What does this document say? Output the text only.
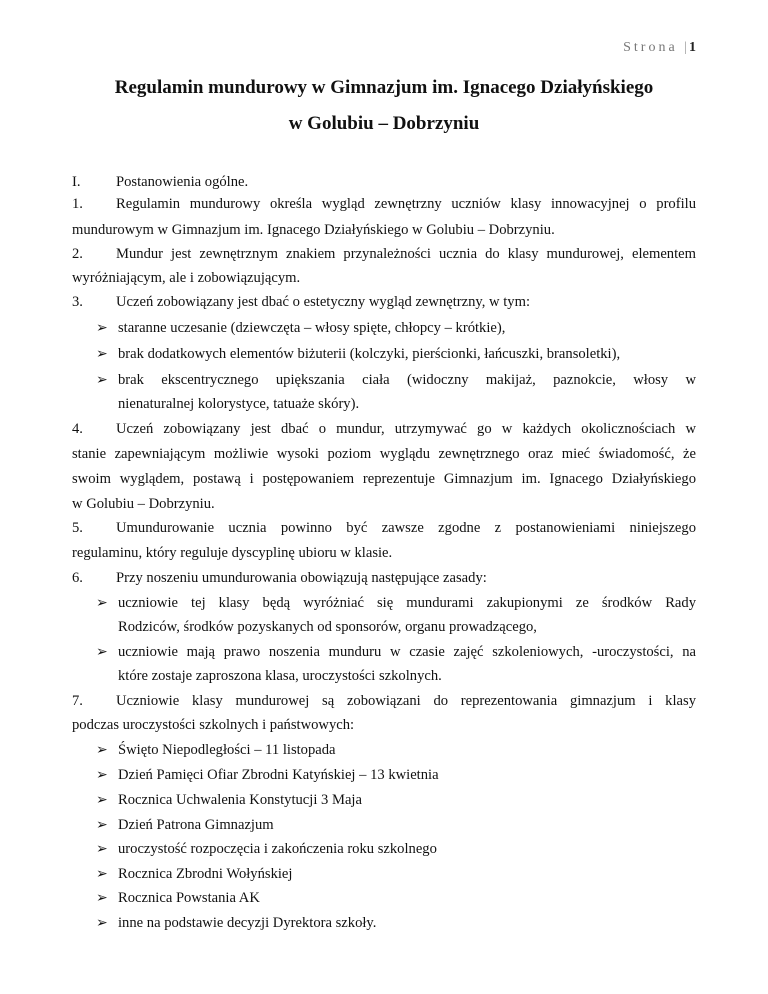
Strona | 1
Regulamin mundurowy w Gimnazjum im. Ignacego Działyńskiego
w Golubiu – Dobrzyniu
I. Postanowienia ogólne.
1. Regulamin mundurowy określa wygląd zewnętrzny uczniów klasy innowacyjnej o profilu
mundurowym w Gimnazjum im. Ignacego Działyńskiego w Golubiu – Dobrzyniu.
2. Mundur jest zewnętrznym znakiem przynależności ucznia do klasy mundurowej, elementem
wyróżniającym, ale i zobowiązującym.
3. Uczeń zobowiązany jest dbać o estetyczny wygląd zewnętrzny, w tym:
➢ staranne uczesanie (dziewczęta – włosy spięte, chłopcy – krótkie),
➢ brak dodatkowych elementów biżuterii (kolczyki, pierścionki, łańcuszki, bransoletki),
➢ brak ekscentrycznego upiększania ciała (widoczny makijaż, paznokcie, włosy w
nienaturalnej kolorystyce, tatuaże skóry).
4. Uczeń zobowiązany jest dbać o mundur, utrzymywać go w każdych okolicznościach w
stanie zapewniającym możliwie wysoki poziom wyglądu zewnętrznego oraz mieć świadomość, że
swoim wyglądem, postawą i postępowaniem reprezentuje Gimnazjum im. Ignacego Działyńskiego
w Golubiu – Dobrzyniu.
5. Umundurowanie ucznia powinno być zawsze zgodne z postanowieniami niniejszego
regulaminu, który reguluje dyscyplinę ubioru w klasie.
6. Przy noszeniu umundurowania obowiązują następujące zasady:
➢ uczniowie tej klasy będą wyróżniać się mundurami zakupionymi ze środków Rady
Rodziców, środków pozyskanych od sponsorów, organu prowadzącego,
➢ uczniowie mają prawo noszenia munduru w czasie zajęć szkoleniowych, -uroczystości, na
które zostaje zaproszona klasa, uroczystości szkolnych.
7. Uczniowie klasy mundurowej są zobowiązani do reprezentowania gimnazjum i klasy
podczas uroczystości szkolnych i państwowych:
➢ Święto Niepodległości – 11 listopada
➢ Dzień Pamięci Ofiar Zbrodni Katyńskiej – 13 kwietnia
➢ Rocznica Uchwalenia Konstytucji 3 Maja
➢ Dzień Patrona Gimnazjum
➢ uroczystość rozpoczęcia i zakończenia roku szkolnego
➢ Rocznica Zbrodni Wołyńskiej
➢ Rocznica Powstania AK
➢ inne na podstawie decyzji Dyrektora szkoły.
